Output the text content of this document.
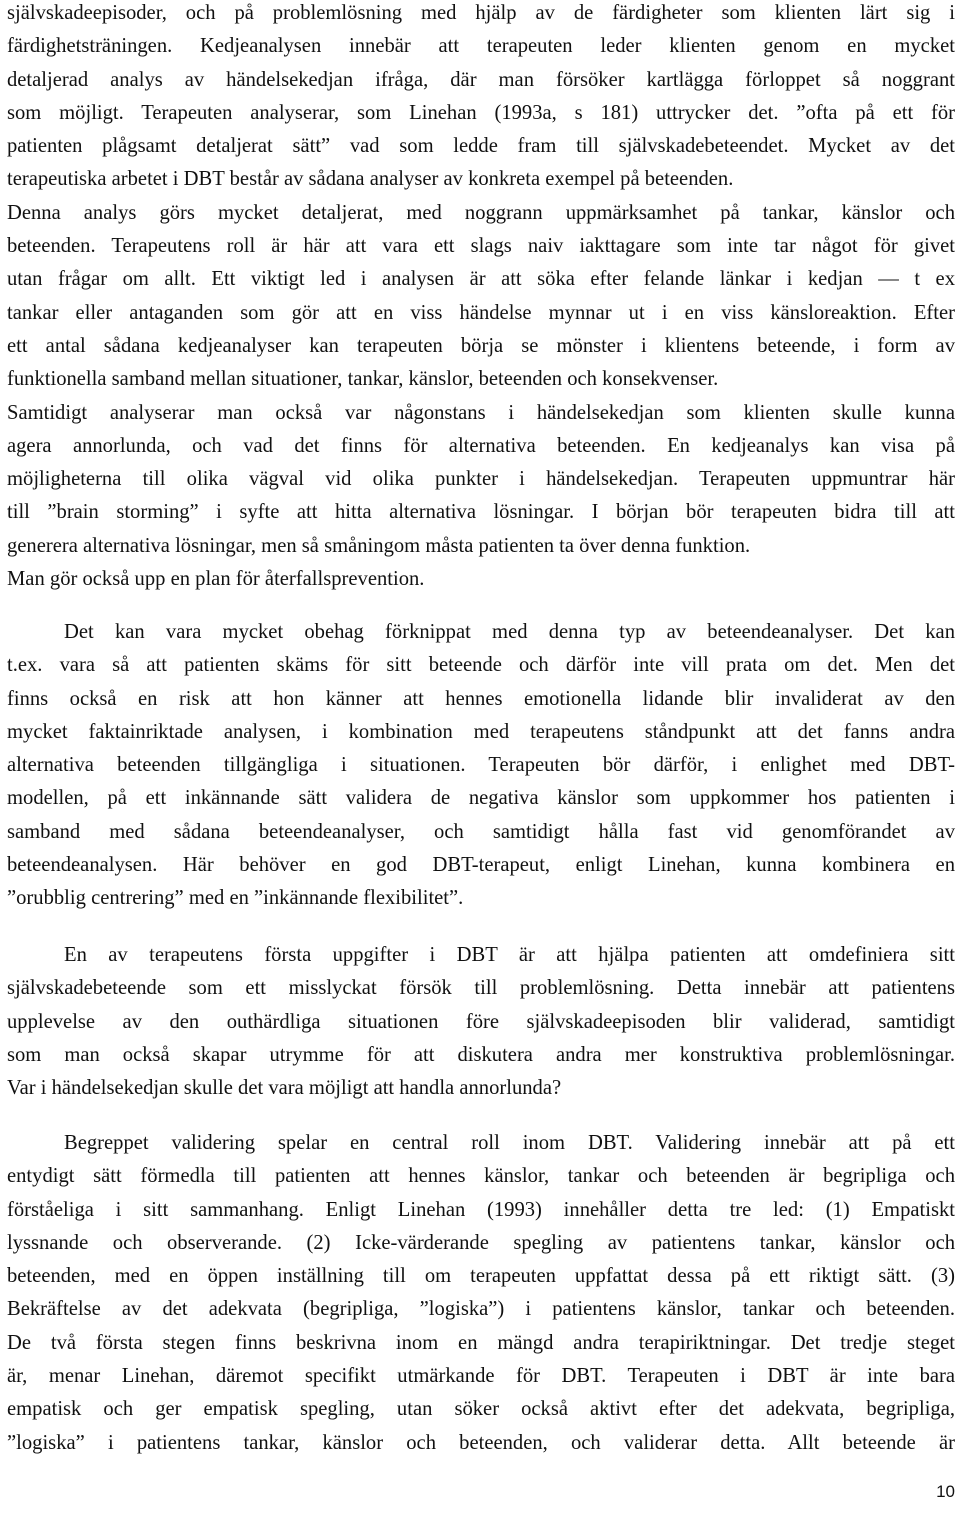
självskadeepisoder, och på problemlösning med hjälp av de färdigheter som klienten lärt sig i
färdighetsträningen. Kedjeanalysen innebär att terapeuten leder klienten genom en mycket
detaljerad analys av händelsekedjan ifråga, där man försöker kartlägga förloppet så noggrant
som möjligt. Terapeuten analyserar, som Linehan (1993a, s 181) uttrycker det. ”ofta på ett för
patienten plågsamt detaljerat sätt” vad som ledde fram till självskadebeteendet. Mycket av det
terapeutiska arbetet i DBT består av sådana analyser av konkreta exempel på beteenden.
Denna analys görs mycket detaljerat, med noggrann uppmärksamhet på tankar, känslor och
beteenden. Terapeutens roll är här att vara ett slags naiv iakttagare som inte tar något för givet
utan frågar om allt. Ett viktigt led i analysen är att söka efter felande länkar i kedjan — t ex
tankar eller antaganden som gör att en viss händelse mynnar ut i en viss känsloreaktion. Efter
ett antal sådana kedjeanalyser kan terapeuten börja se mönster i klientens beteende, i form av
funktionella samband mellan situationer, tankar, känslor, beteenden och konsekvenser.
Samtidigt analyserar man också var någonstans i händelsekedjan som klienten skulle kunna
agera annorlunda, och vad det finns för alternativa beteenden. En kedjeanalys kan visa på
möjligheterna till olika vägval vid olika punkter i händelsekedjan. Terapeuten uppmuntrar här
till ”brain storming” i syfte att hitta alternativa lösningar. I början bör terapeuten bidra till att
generera alternativa lösningar, men så småningom måsta patienten ta över denna funktion.
Man gör också upp en plan för återfallsprevention.
Det kan vara mycket obehag förknippat med denna typ av beteendeanalyser. Det kan
t.ex. vara så att patienten skäms för sitt beteende och därför inte vill prata om det. Men det
finns också en risk att hon känner att hennes emotionella lidande blir invaliderat av den
mycket faktainriktade analysen, i kombination med terapeutens ståndpunkt att det fanns andra
alternativa beteenden tillgängliga i situationen. Terapeuten bör därför, i enlighet med DBT-
modellen, på ett inkännande sätt validera de negativa känslor som uppkommer hos patienten i
samband med sådana beteendeanalyser, och samtidigt hålla fast vid genomförandet av
beteendeanalysen. Här behöver en god DBT-terapeut, enligt Linehan, kunna kombinera en
”orubblig centrering” med en ”inkännande flexibilitet”.
En av terapeutens första uppgifter i DBT är att hjälpa patienten att omdefiniera sitt
självskadebeteende som ett misslyckat försök till problemlösning. Detta innebär att patientens
upplevelse av den outhärdliga situationen före självskadeepisoden blir validerad, samtidigt
som man också skapar utrymme för att diskutera andra mer konstruktiva problemlösningar.
Var i händelsekedjan skulle det vara möjligt att handla annorlunda?
Begreppet validering spelar en central roll inom DBT. Validering innebär att på ett
entydigt sätt förmedla till patienten att hennes känslor, tankar och beteenden är begripliga och
förståeliga i sitt sammanhang. Enligt Linehan (1993) innehåller detta tre led: (1) Empatiskt
lyssnande och observerande. (2) Icke-värderande spegling av patientens tankar, känslor och
beteenden, med en öppen inställning till om terapeuten uppfattat dessa på ett riktigt sätt. (3)
Bekräftelse av det adekvata (begripliga, ”logiska”) i patientens känslor, tankar och beteenden.
De två första stegen finns beskrivna inom en mängd andra terapiriktningar. Det tredje steget
är, menar Linehan, däremot specifikt utmärkande för DBT. Terapeuten i DBT är inte bara
empatisk och ger empatisk spegling, utan söker också aktivt efter det adekvata, begripliga,
”logiska” i patientens tankar, känslor och beteenden, och validerar detta. Allt beteende är
10
